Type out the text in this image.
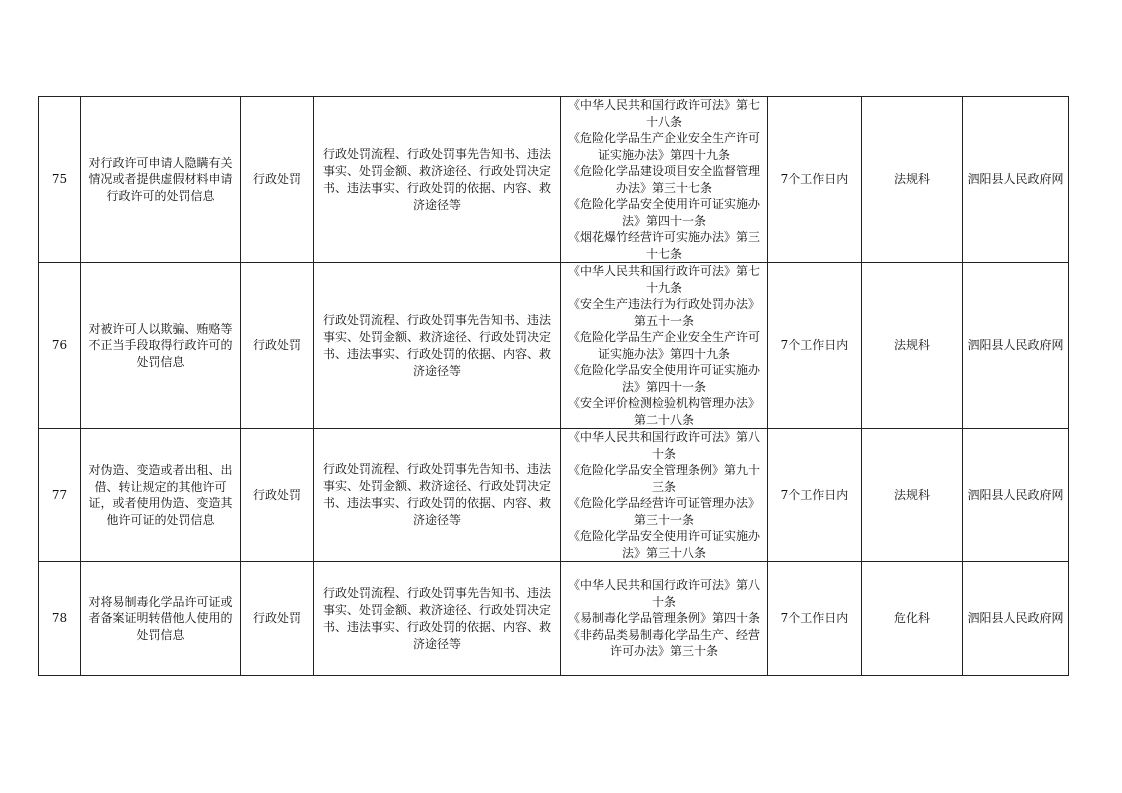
75	对行政许可申请人隐瞒有关情况或者提供虚假材料申请行政许可的处罚信息	行政处罚	行政处罚流程、行政处罚事先告知书、违法事实、处罚金额、救济途径、行政处罚决定书、违法事实、行政处罚的依据、内容、救济途径等	《中华人民共和国行政许可法》第七十八条
《危险化学品生产企业安全生产许可证实施办法》第四十九条
《危险化学品建设项目安全监督管理办法》第三十七条
《危险化学品安全使用许可证实施办法》第四十一条
《烟花爆竹经营许可实施办法》第三十七条	7个工作日内	法规科	泗阳县人民政府网
76	对被许可人以欺骗、贿赂等不正当手段取得行政许可的处罚信息	行政处罚	行政处罚流程、行政处罚事先告知书、违法事实、处罚金额、救济途径、行政处罚决定书、违法事实、行政处罚的依据、内容、救济途径等	《中华人民共和国行政许可法》第七十九条
《安全生产违法行为行政处罚办法》第五十一条
《危险化学品生产企业安全生产许可证实施办法》第四十九条
《危险化学品安全使用许可证实施办法》第四十一条
《安全评价检测检验机构管理办法》第二十八条	7个工作日内	法规科	泗阳县人民政府网
77	对伪造、变造或者出租、出借、转让规定的其他许可证，或者使用伪造、变造其他许可证的处罚信息	行政处罚	行政处罚流程、行政处罚事先告知书、违法事实、处罚金额、救济途径、行政处罚决定书、违法事实、行政处罚的依据、内容、救济途径等	《中华人民共和国行政许可法》第八十条
《危险化学品安全管理条例》第九十三条
《危险化学品经营许可证管理办法》第三十一条
《危险化学品安全使用许可证实施办法》第三十八条	7个工作日内	法规科	泗阳县人民政府网
78	对将易制毒化学品许可证或者备案证明转借他人使用的处罚信息	行政处罚	行政处罚流程、行政处罚事先告知书、违法事实、处罚金额、救济途径、行政处罚决定书、违法事实、行政处罚的依据、内容、救济途径等	《中华人民共和国行政许可法》第八十条
《易制毒化学品管理条例》第四十条
《非药品类易制毒化学品生产、经营许可办法》第三十条	7个工作日内	危化科	泗阳县人民政府网
